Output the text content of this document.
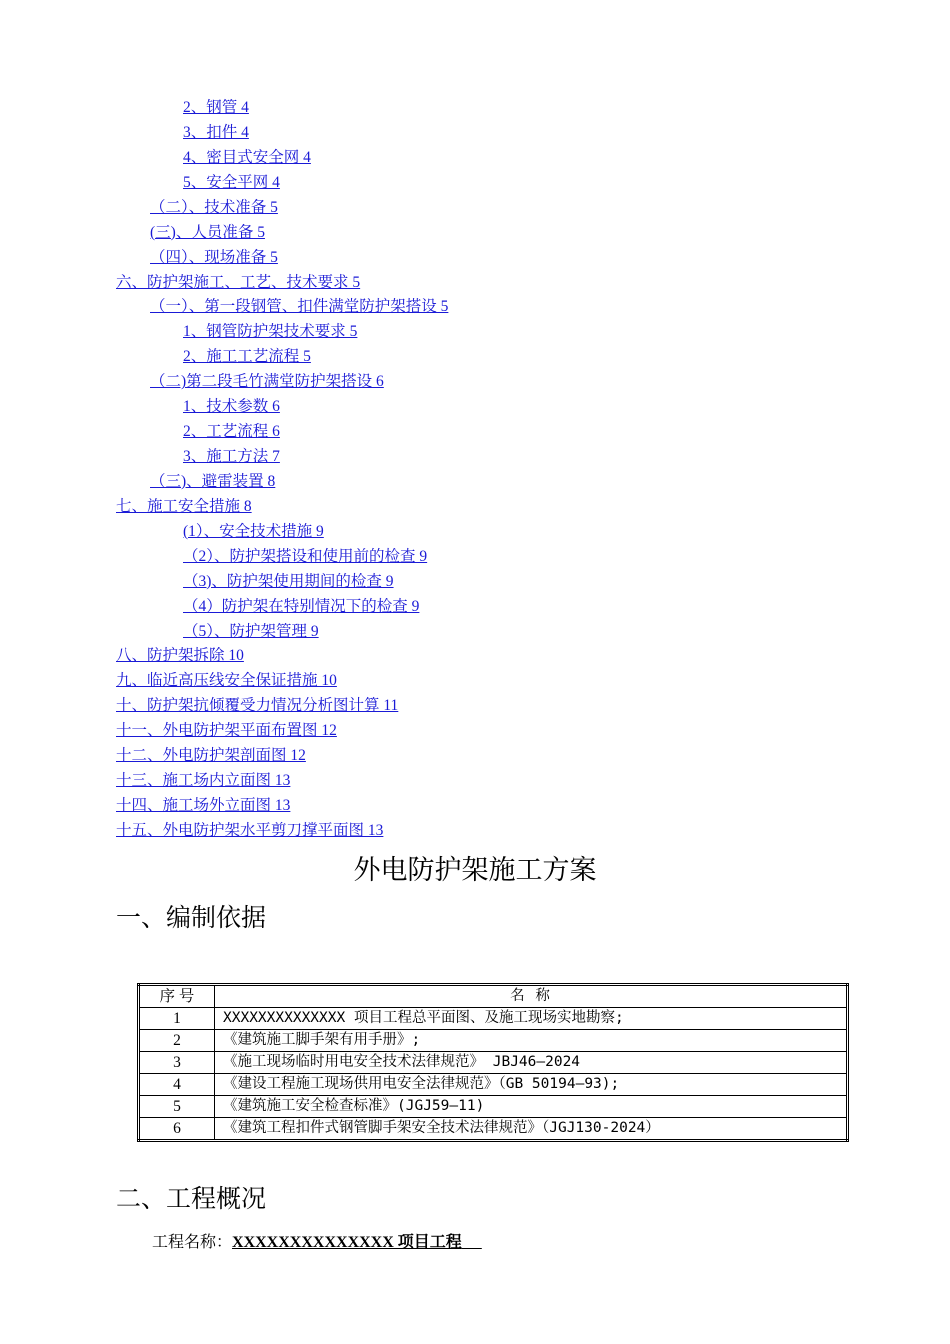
2、钢管 4
3、扣件 4
4、密目式安全网 4
5、安全平网 4
（二）、技术准备 5
(三)、人员准备 5
（四）、现场准备 5
六、防护架施工、工艺、技术要求 5
（一）、第一段钢管、扣件满堂防护架搭设 5
1、钢管防护架技术要求 5
2、施工工艺流程 5
（二)第二段毛竹满堂防护架搭设 6
1、技术参数 6
2、工艺流程 6
3、施工方法 7
（三)、避雷装置 8
七、施工安全措施 8
(1）、安全技术措施 9
（2）、防护架搭设和使用前的检查 9
（3)、防护架使用期间的检查 9
（4）防护架在特别情况下的检查 9
（5）、防护架管理 9
八、防护架拆除 10
九、临近高压线安全保证措施 10
十、防护架抗倾覆受力情况分析图计算 11
十一、外电防护架平面布置图 12
十二、外电防护架剖面图 12
十三、施工场内立面图 13
十四、施工场外立面图 13
十五、外电防护架水平剪刀撑平面图 13
外电防护架施工方案
一、编制依据
序 号	名 称
1	XXXXXXXXXXXXXX 项目工程总平面图、及施工现场实地勘察;
2	《建筑施工脚手架有用手册》;
3	《施工现场临时用电安全技术法律规范》 JBJ46—2024
4	《建设工程施工现场供用电安全法律规范》（GB 50194—93);
5	《建筑施工安全检查标准》(JGJ59—11)
6	《建筑工程扣件式钢管脚手架安全技术法律规范》（JGJ130-2024）
二、工程概况
工程名称：XXXXXXXXXXXXXX 项目工程
